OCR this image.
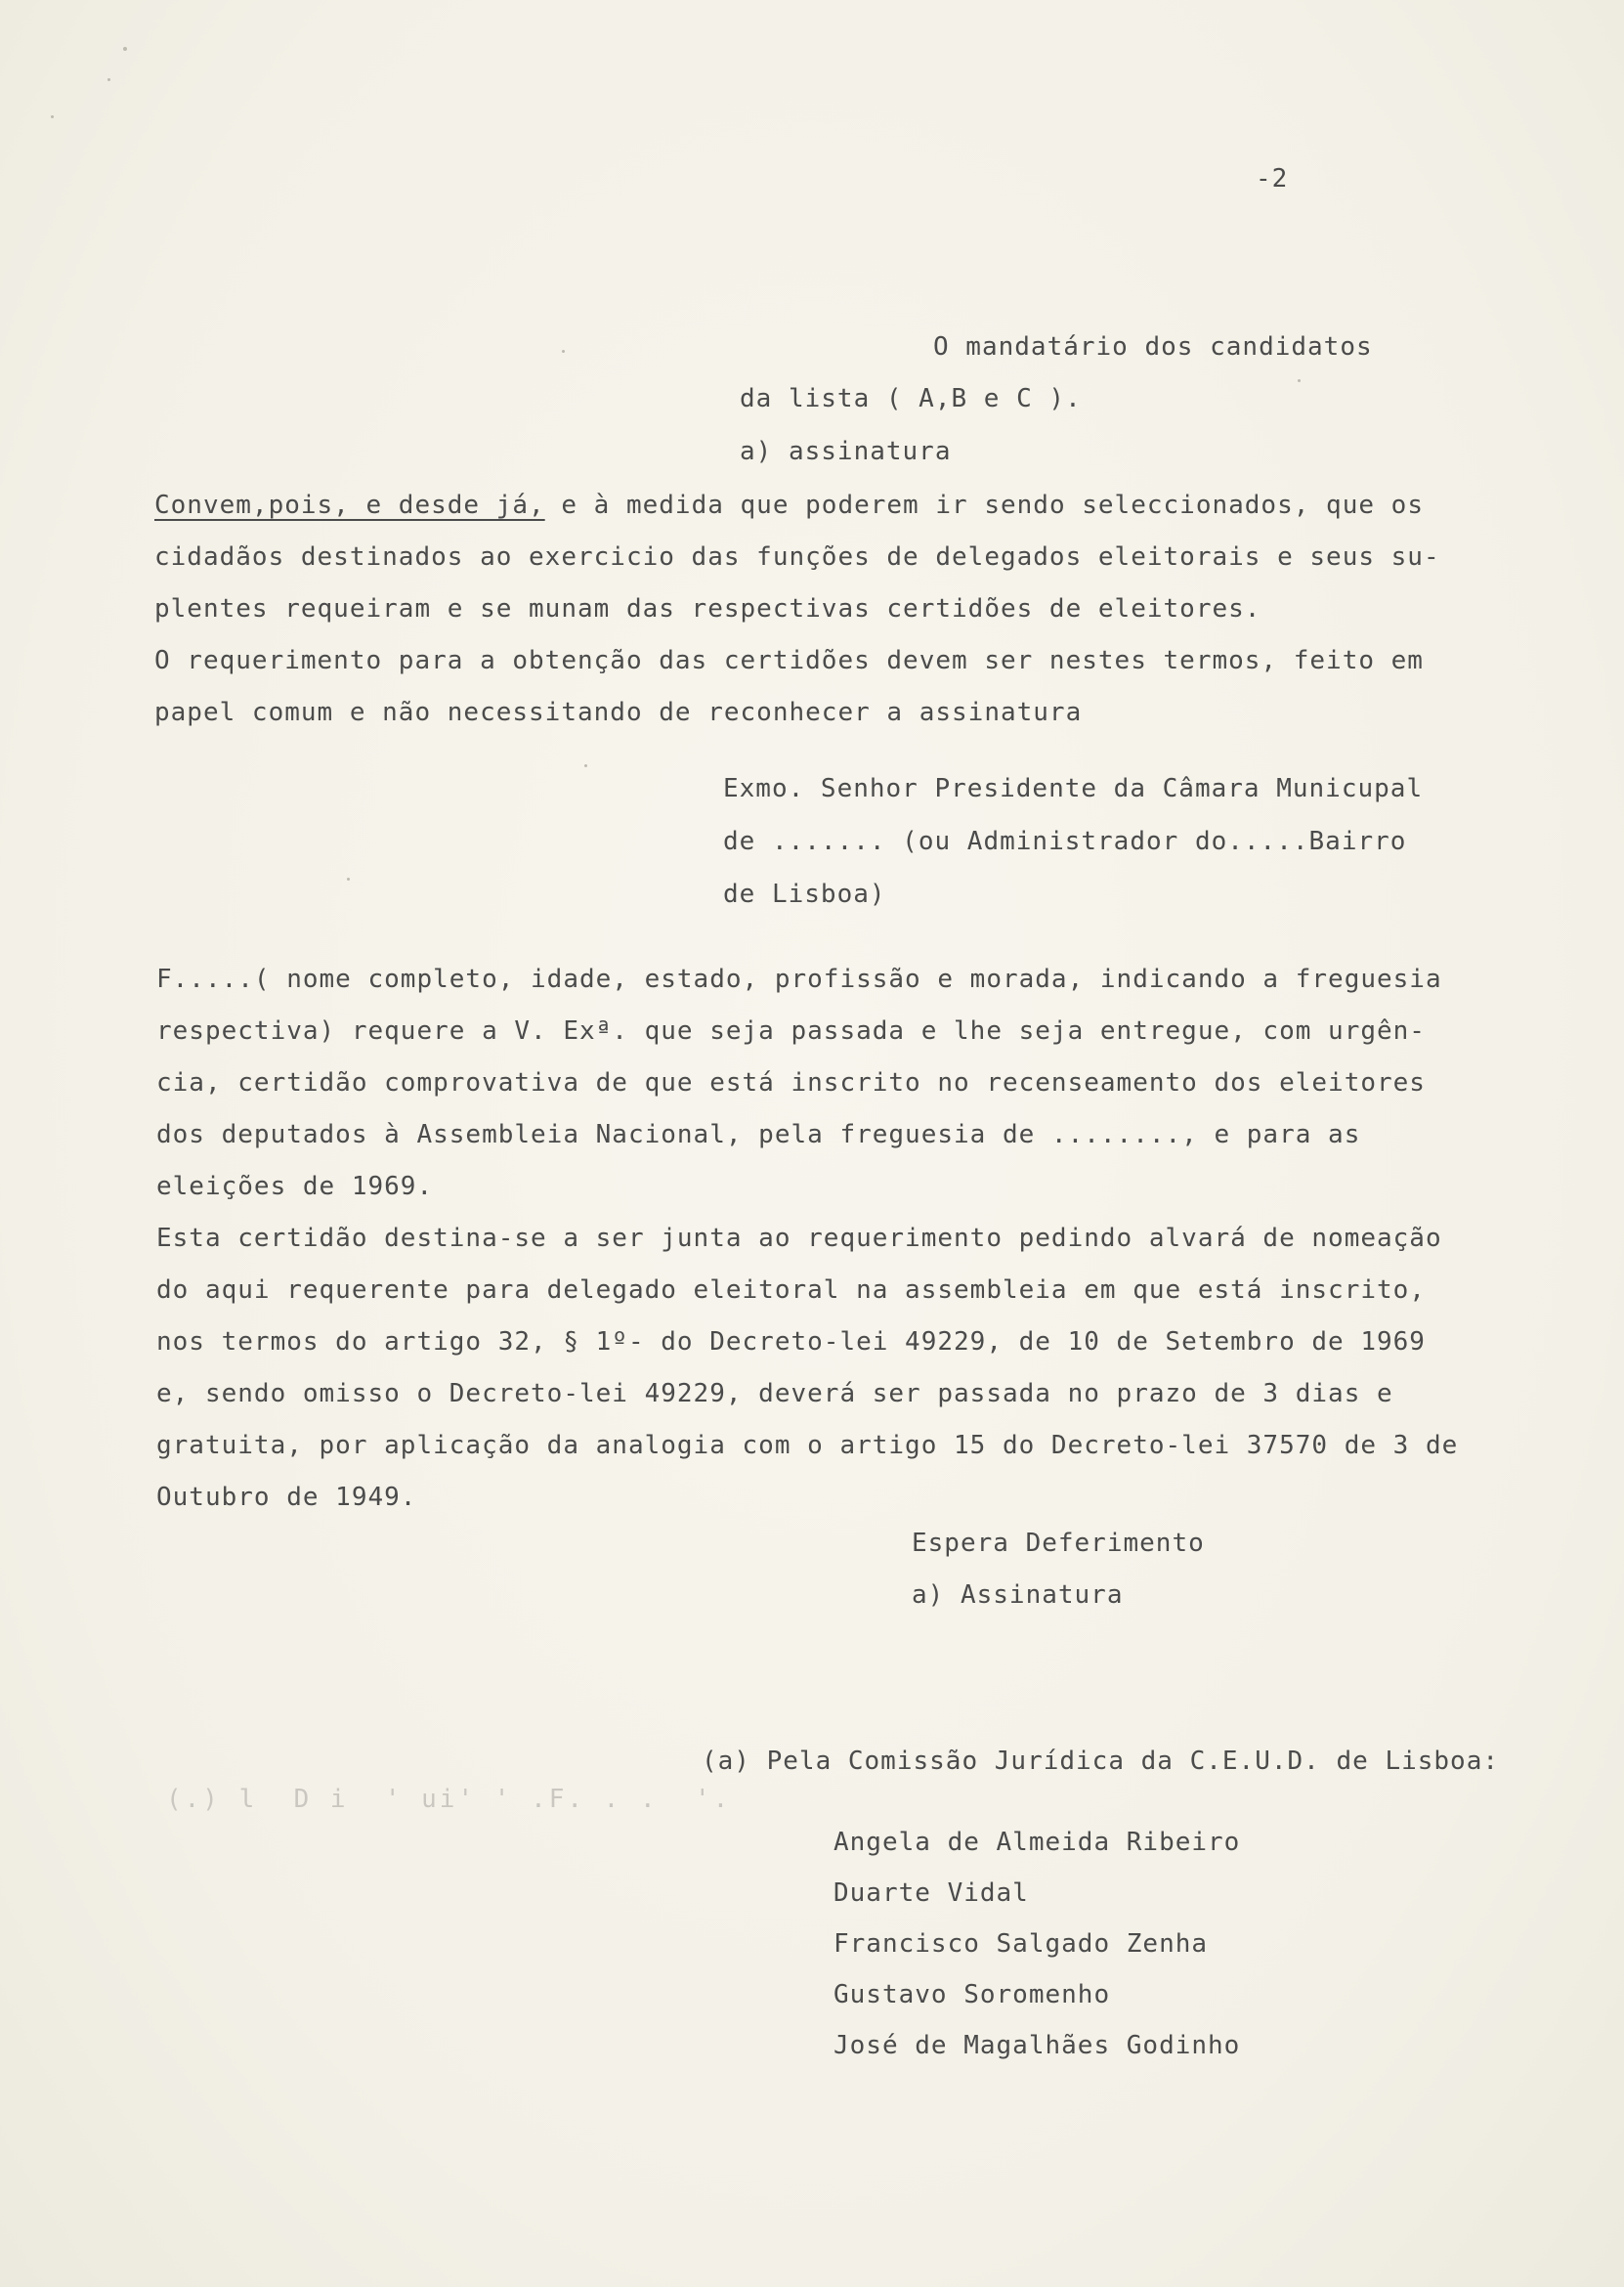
-2
O mandatário dos candidatos
da lista ( A,B e C ).
a) assinatura
Convem,pois, e desde já, e à medida que poderem ir sendo seleccionados, que os
cidadãos destinados ao exercicio das funções de delegados eleitorais e seus su-
plentes requeiram e se munam das respectivas certidões de eleitores.
O requerimento para a obtenção das certidões devem ser nestes termos, feito em
papel comum e não necessitando de reconhecer a assinatura
Exmo. Senhor Presidente da Câmara Municupal
de ....... (ou Administrador do.....Bairro
de Lisboa)
F.....( nome completo, idade, estado, profissão e morada, indicando a freguesia
respectiva) requere a V. Exª. que seja passada e lhe seja entregue, com urgên-
cia, certidão comprovativa de que está inscrito no recenseamento dos eleitores
dos deputados à Assembleia Nacional, pela freguesia de ........, e para as
eleições de 1969.
Esta certidão destina-se a ser junta ao requerimento pedindo alvará de nomeação
do aqui requerente para delegado eleitoral na assembleia em que está inscrito,
nos termos do artigo 32, § 1º- do Decreto-lei 49229, de 10 de Setembro de 1969
e, sendo omisso o Decreto-lei 49229, deverá ser passada no prazo de 3 dias e
gratuita, por aplicação da analogia com o artigo 15 do Decreto-lei 37570 de 3 de
Outubro de 1949.
Espera Deferimento
a) Assinatura
(.) l  D i  ' ui' ' .F. . .  '.
(a) Pela Comissão Jurídica da C.E.U.D. de Lisboa:
Angela de Almeida Ribeiro
Duarte Vidal
Francisco Salgado Zenha
Gustavo Soromenho
José de Magalhães Godinho
